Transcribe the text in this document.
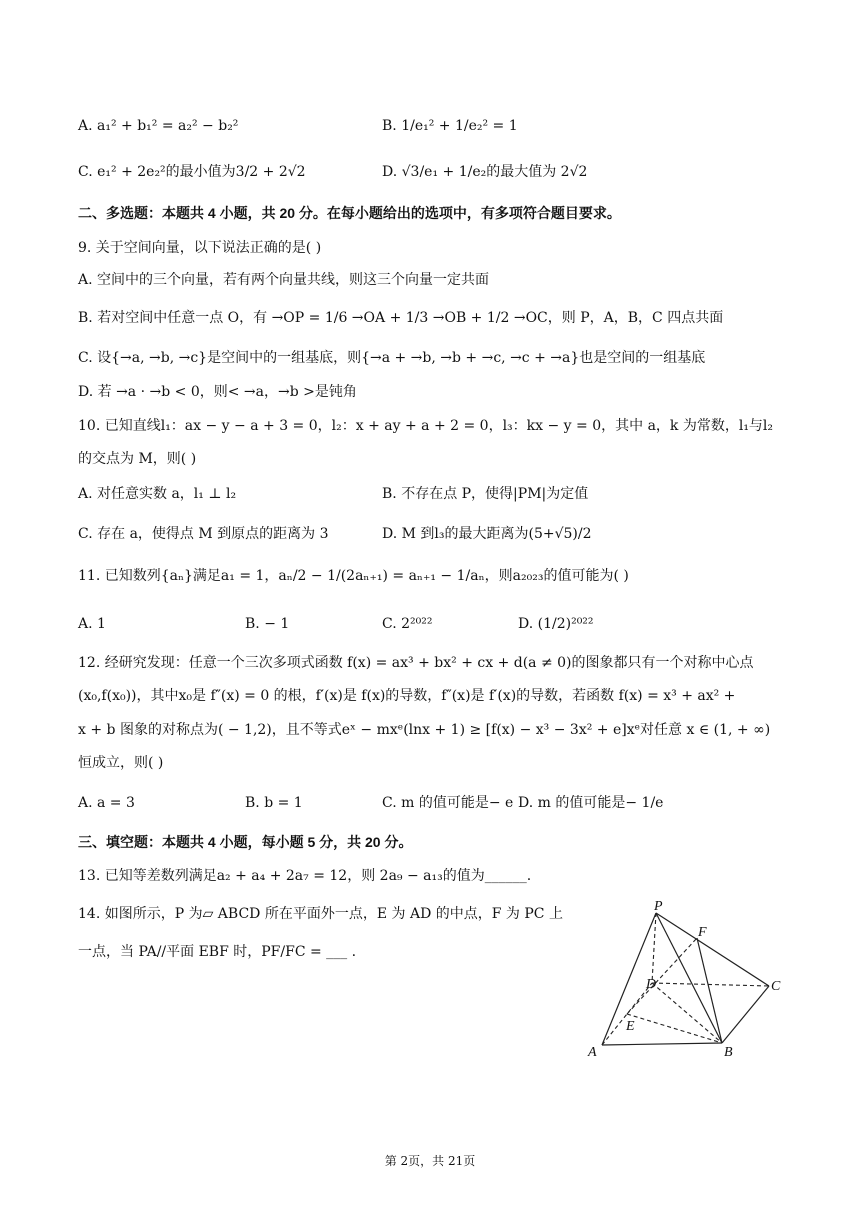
A. a₁² + b₁² = a₂² − b₂²	B. 1/e₁² + 1/e₂² = 1
C. e₁² + 2e₂²的最小值为3/2 + 2√2	D. √3/e₁ + 1/e₂的最大值为 2√2
二、多选题：本题共 4 小题，共 20 分。在每小题给出的选项中，有多项符合题目要求。
9. 关于空间向量，以下说法正确的是( )
A. 空间中的三个向量，若有两个向量共线，则这三个向量一定共面
B. 若对空间中任意一点 O，有 →OP = 1/6 →OA + 1/3 →OB + 1/2 →OC，则 P，A，B，C 四点共面
C. 设{→a, →b, →c}是空间中的一组基底，则{→a + →b, →b + →c, →c + →a}也是空间的一组基底
D. 若 →a · →b < 0，则< →a，→b >是钝角
10. 已知直线l₁：ax − y − a + 3 = 0，l₂：x + ay + a + 2 = 0，l₃：kx − y = 0，其中 a，k 为常数，l₁与l₂
的交点为 M，则( )
A. 对任意实数 a，l₁ ⊥ l₂	B. 不存在点 P，使得|PM|为定值
C. 存在 a，使得点 M 到原点的距离为 3	D. M 到l₃的最大距离为(5+√5)/2
11. 已知数列{aₙ}满足a₁ = 1，aₙ/2 − 1/(2aₙ₊₁) = aₙ₊₁ − 1/aₙ，则a₂₀₂₃的值可能为( )
A. 1	B. − 1	C. 2²⁰²²	D. (1/2)²⁰²²
12. 经研究发现：任意一个三次多项式函数 f(x) = ax³ + bx² + cx + d(a ≠ 0)的图象都只有一个对称中心点
(x₀,f(x₀))，其中x₀是 f″(x) = 0 的根，f′(x)是 f(x)的导数，f″(x)是 f′(x)的导数，若函数 f(x) = x³ + ax² +
x + b 图象的对称点为( − 1,2)，且不等式eˣ − mxᵉ(lnx + 1) ≥ [f(x) − x³ − 3x² + e]xᵉ对任意 x ∈ (1, + ∞)
恒成立，则( )
A. a = 3	B. b = 1	C. m 的值可能是− e D. m 的值可能是− 1/e
三、填空题：本题共 4 小题，每小题 5 分，共 20 分。
13. 已知等差数列满足a₂ + a₄ + 2a₇ = 12，则 2a₉ − a₁₃的值为______.
14. 如图所示，P 为▱ ABCD 所在平面外一点，E 为 AD 的中点，F 为 PC 上
一点，当 PA//平面 EBF 时，PF/FC = ___ .
P
F
D	C
E
A	B
第 2页，共 21页
